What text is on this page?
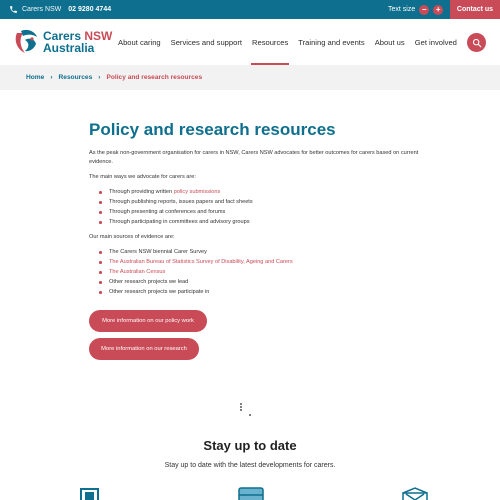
Carers NSW 02 9280 4744	Text size −	+	Contact us
Carers NSW
Australia	About caring	Services and support	Resources	Training and events	About us	Get involved
Home › Resources › Policy and research resources
Policy and research resources

As the peak non-government organisation for carers in NSW, Carers NSW advocates for better outcomes for carers based on current evidence.

The main ways we advocate for carers are:

Through providing written policy submissions
Through publishing reports, issues papers and fact sheets
Through presenting at conferences and forums
Through participating in committees and advisory groups

Our main sources of evidence are:

The Carers NSW biennial Carer Survey
The Australian Bureau of Statistics Survey of Disability, Ageing and Carers
The Australian Census
Other research projects we lead
Other research projects we participate in
More information on our policy work
More information on our research
Stay up to date
Stay up to date with the latest developments for carers.
